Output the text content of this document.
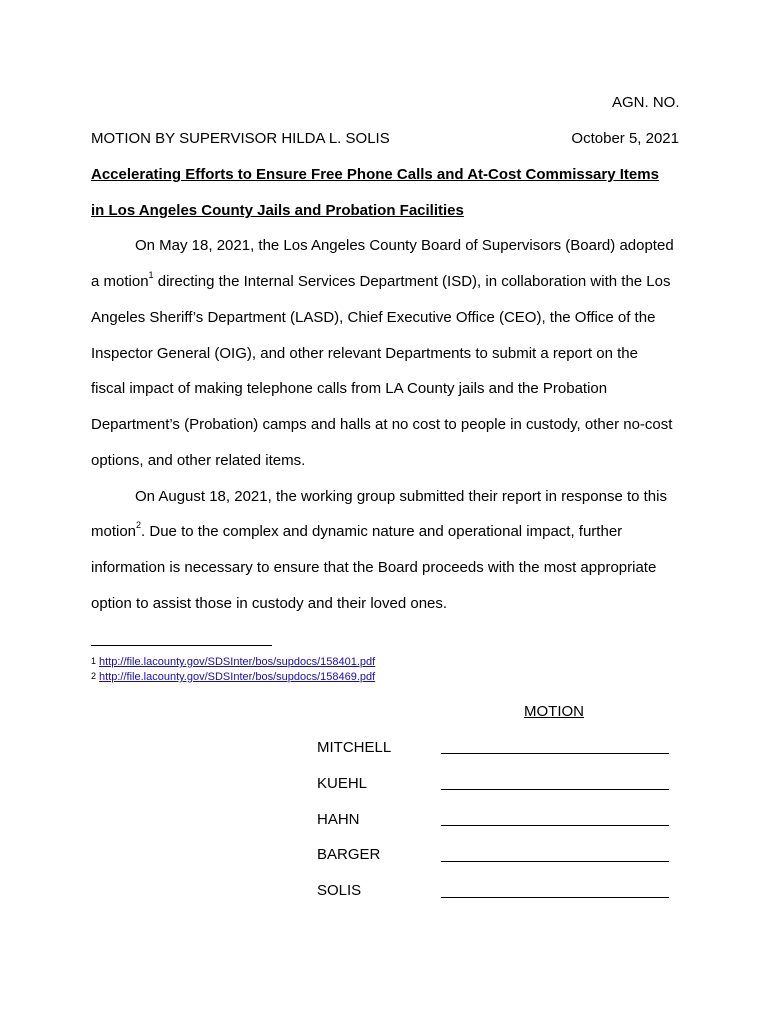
AGN. NO.
MOTION BY SUPERVISOR HILDA L. SOLIS	October 5, 2021
Accelerating Efforts to Ensure Free Phone Calls and At-Cost Commissary Items
in Los Angeles County Jails and Probation Facilities
On May 18, 2021, the Los Angeles County Board of Supervisors (Board) adopted
a motion$^1$ directing the Internal Services Department (ISD), in collaboration with the Los
Angeles Sheriff’s Department (LASD), Chief Executive Office (CEO), the Office of the
Inspector General (OIG), and other relevant Departments to submit a report on the
fiscal impact of making telephone calls from LA County jails and the Probation
Department’s (Probation) camps and halls at no cost to people in custody, other no-cost
options, and other related items.
On August 18, 2021, the working group submitted their report in response to this
motion$^2$. Due to the complex and dynamic nature and operational impact, further
information is necessary to ensure that the Board proceeds with the most appropriate
option to assist those in custody and their loved ones.
$^1$ http://file.lacounty.gov/SDSInter/bos/supdocs/158401.pdf
$^2$ http://file.lacounty.gov/SDSInter/bos/supdocs/158469.pdf
MOTION
MITCHELL
KUEHL
HAHN
BARGER
SOLIS
